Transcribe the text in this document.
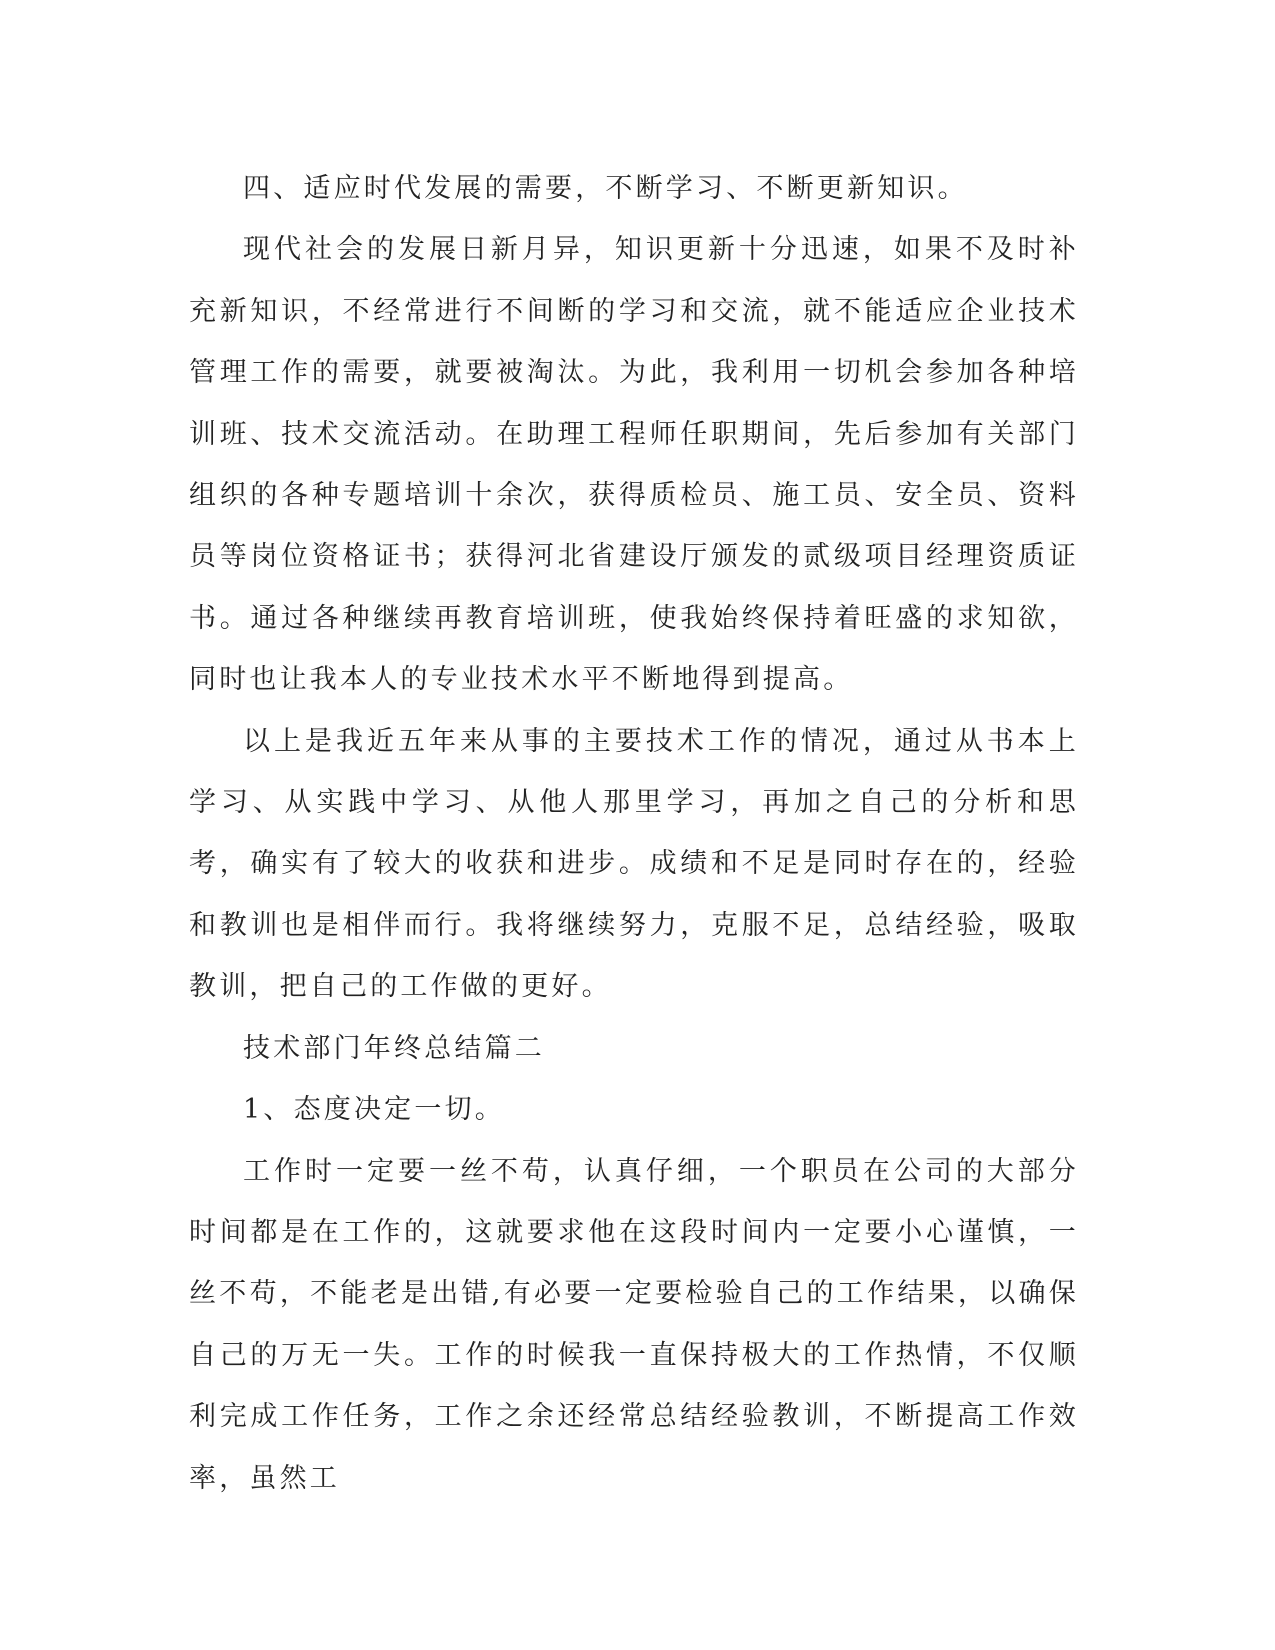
四、适应时代发展的需要，不断学习、不断更新知识。

现代社会的发展日新月异，知识更新十分迅速，如果不及时补充新知识，不经常进行不间断的学习和交流，就不能适应企业技术管理工作的需要，就要被淘汰。为此，我利用一切机会参加各种培训班、技术交流活动。在助理工程师任职期间，先后参加有关部门组织的各种专题培训十余次，获得质检员、施工员、安全员、资料员等岗位资格证书；获得河北省建设厅颁发的贰级项目经理资质证书。通过各种继续再教育培训班，使我始终保持着旺盛的求知欲，同时也让我本人的专业技术水平不断地得到提高。

以上是我近五年来从事的主要技术工作的情况，通过从书本上学习、从实践中学习、从他人那里学习，再加之自己的分析和思考，确实有了较大的收获和进步。成绩和不足是同时存在的，经验和教训也是相伴而行。我将继续努力，克服不足，总结经验，吸取教训，把自己的工作做的更好。

技术部门年终总结篇二

1、态度决定一切。

工作时一定要一丝不苟，认真仔细，一个职员在公司的大部分时间都是在工作的，这就要求他在这段时间内一定要小心谨慎，一丝不苟，不能老是出错,有必要一定要检验自己的工作结果，以确保自己的万无一失。工作的时候我一直保持极大的工作热情，不仅顺利完成工作任务，工作之余还经常总结经验教训，不断提高工作效率，虽然工
